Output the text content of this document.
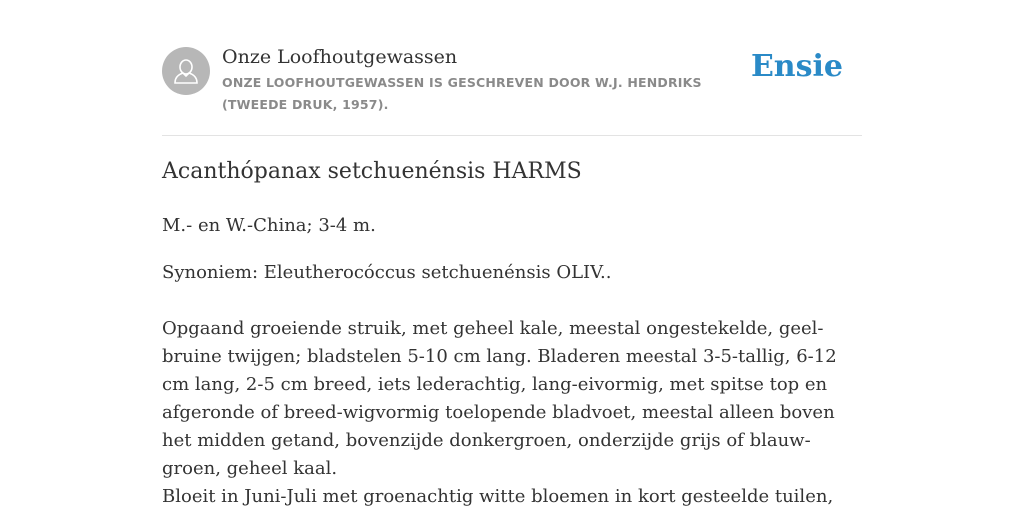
Onze Loofhoutgewassen
ONZE LOOFHOUTGEWASSEN IS GESCHREVEN DOOR W.J. HENDRIKS (TWEEDE DRUK, 1957).
Ensie
Acanthópanax setchuenénsis HARMS
M.- en W.-China; 3-4 m.
Synoniem: Eleutherocóccus setchuenénsis OLIV..
Opgaand groeiende struik, met geheel kale, meestal ongestekelde, geel-bruine twijgen; bladstelen 5-10 cm lang. Bladeren meestal 3-5-tallig, 6-12 cm lang, 2-5 cm breed, iets lederachtig, lang-eivormig, met spitse top en afgeronde of breed-wigvormig toelopende bladvoet, meestal alleen boven het midden getand, bovenzijde donkergroen, onderzijde grijs of blauw-groen, geheel kaal.
Bloeit in Juni-Juli met groenachtig witte bloemen in kort gesteelde tuilen,
